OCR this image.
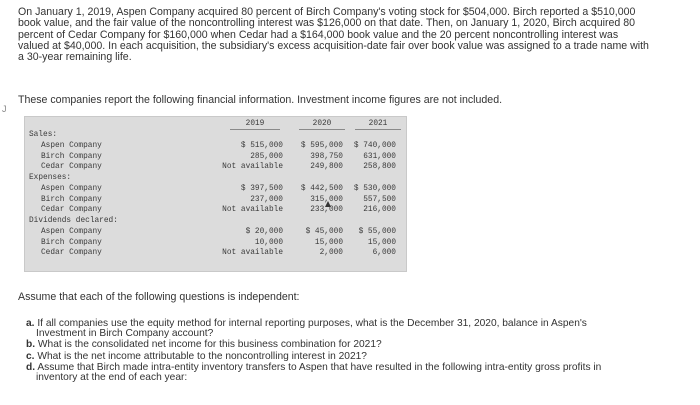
On January 1, 2019, Aspen Company acquired 80 percent of Birch Company's voting stock for $504,000. Birch reported a $510,000
book value, and the fair value of the noncontrolling interest was $126,000 on that date. Then, on January 1, 2020, Birch acquired 80
percent of Cedar Company for $160,000 when Cedar had a $164,000 book value and the 20 percent noncontrolling interest was
valued at $40,000. In each acquisition, the subsidiary's excess acquisition-date fair over book value was assigned to a trade name with
a 30-year remaining life.

These companies report the following financial information. Investment income figures are not included.

J
2019	2020	2021
Sales:
Aspen Company	$ 515,000	$ 595,000	$ 740,000
Birch Company	285,000	398,750	631,000
Cedar Company	Not available	249,800	258,800
Expenses:
Aspen Company	$ 397,500	$ 442,500	$ 530,000
Birch Company	237,000	315,000	557,500
Cedar Company	Not available	233,000	216,000
Dividends declared:
Aspen Company	$ 20,000	$ 45,000	$ 55,000
Birch Company	10,000	15,000	15,000
Cedar Company	Not available	2,000	6,000

Assume that each of the following questions is independent:

a. If all companies use the equity method for internal reporting purposes, what is the December 31, 2020, balance in Aspen's
Investment in Birch Company account?
b. What is the consolidated net income for this business combination for 2021?
c. What is the net income attributable to the noncontrolling interest in 2021?
d. Assume that Birch made intra-entity inventory transfers to Aspen that have resulted in the following intra-entity gross profits in
inventory at the end of each year:
